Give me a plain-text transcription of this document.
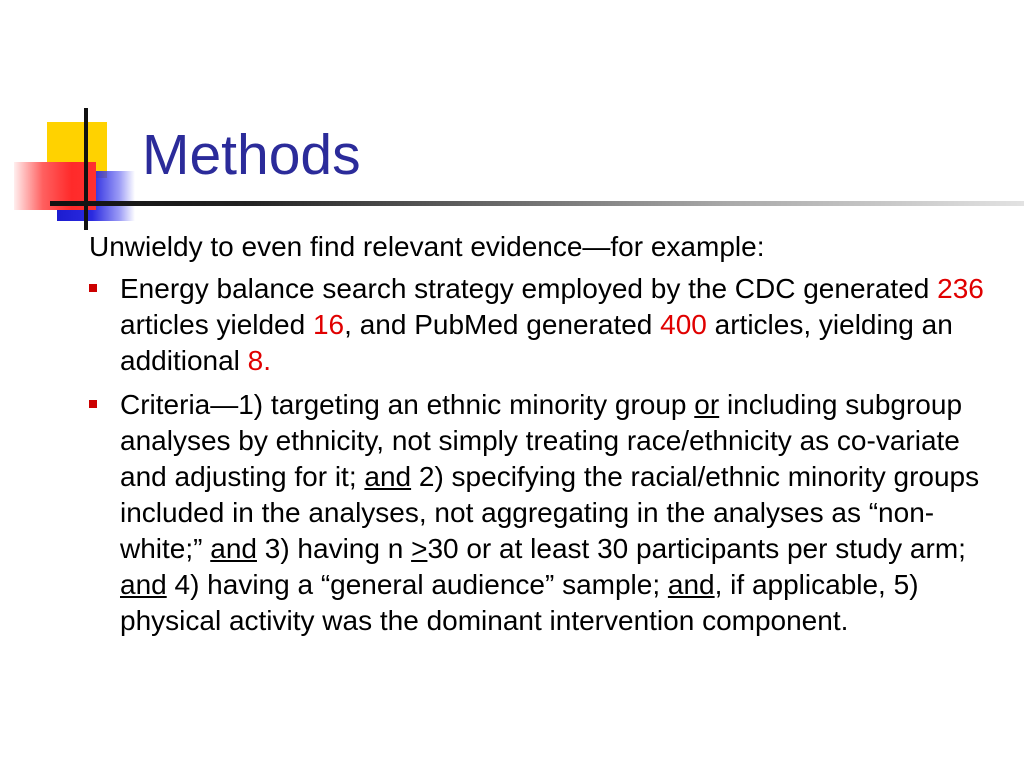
Methods

Unwieldy to even find relevant evidence—for example:

Energy balance search strategy employed by the CDC generated 236 articles yielded 16, and PubMed generated 400 articles, yielding an additional 8.
Criteria—1) targeting an ethnic minority group or including subgroup analyses by ethnicity, not simply treating race/ethnicity as co-variate and adjusting for it; and 2) specifying the racial/ethnic minority groups included in the analyses, not aggregating in the analyses as “non-white;” and 3) having n >30 or at least 30 participants per study arm; and 4) having a “general audience” sample; and, if applicable, 5) physical activity was the dominant intervention component.
